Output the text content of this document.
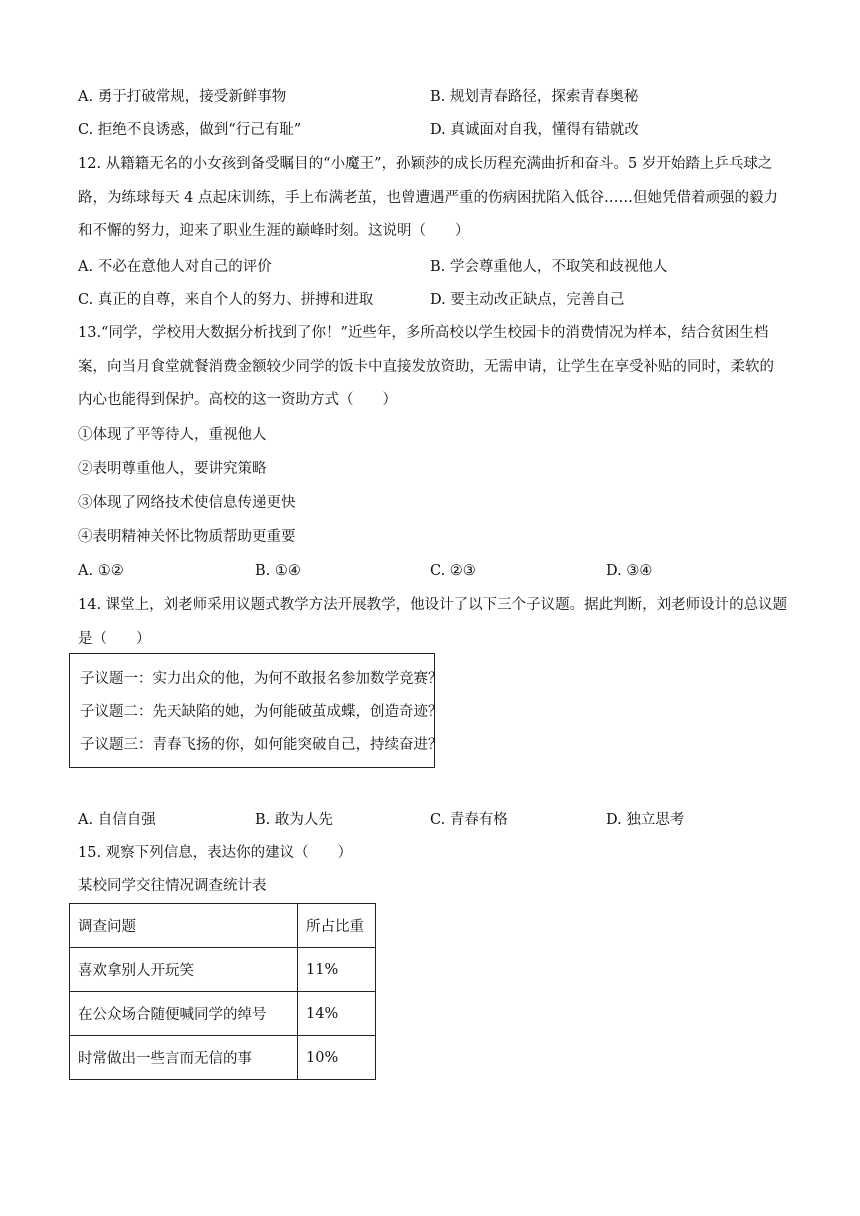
A. 勇于打破常规，接受新鲜事物	B. 规划青春路径，探索青春奥秘
C. 拒绝不良诱惑，做到“行己有耻”	D. 真诚面对自我，懂得有错就改
12. 从籍籍无名的小女孩到备受瞩目的“小魔王”，孙颖莎的成长历程充满曲折和奋斗。5 岁开始踏上乒乓球之路，为练球每天 4 点起床训练，手上布满老茧，也曾遭遇严重的伤病困扰陷入低谷……但她凭借着顽强的毅力和不懈的努力，迎来了职业生涯的巅峰时刻。这说明（　　）
A. 不必在意他人对自己的评价	B. 学会尊重他人，不取笑和歧视他人
C. 真正的自尊，来自个人的努力、拼搏和进取	D. 要主动改正缺点，完善自己
13.“同学，学校用大数据分析找到了你！”近些年，多所高校以学生校园卡的消费情况为样本，结合贫困生档案，向当月食堂就餐消费金额较少同学的饭卡中直接发放资助，无需申请，让学生在享受补贴的同时，柔软的内心也能得到保护。高校的这一资助方式（　　）
①体现了平等待人，重视他人
②表明尊重他人，要讲究策略
③体现了网络技术使信息传递更快
④表明精神关怀比物质帮助更重要
A. ①②	B. ①④	C. ②③	D. ③④
14. 课堂上，刘老师采用议题式教学方法开展教学，他设计了以下三个子议题。据此判断，刘老师设计的总议题是（　　）
子议题一：实力出众的他，为何不敢报名参加数学竞赛？
子议题二：先天缺陷的她，为何能破茧成蝶，创造奇迹？
子议题三：青春飞扬的你，如何能突破自己，持续奋进？
A. 自信自强	B. 敢为人先	C. 青春有格	D. 独立思考
15. 观察下列信息，表达你的建议（　　）
某校同学交往情况调查统计表
调查问题	所占比重
喜欢拿别人开玩笑	11%
在公众场合随便喊同学的绰号	14%
时常做出一些言而无信的事	10%
